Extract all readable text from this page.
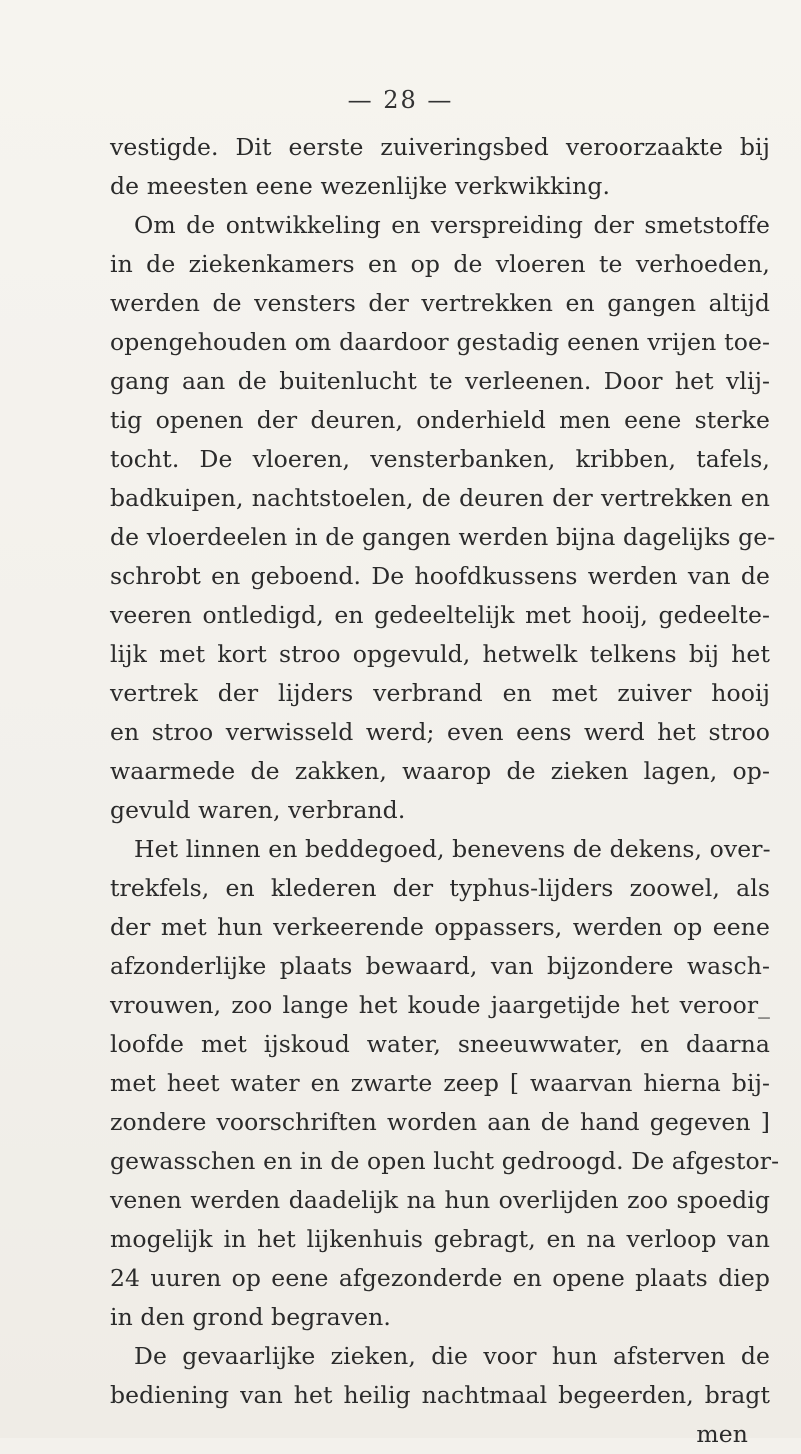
— 28 —
vestigde. Dit eerste zuiveringsbed veroorzaakte bij
de meesten eene wezenlijke verkwikking.
Om de ontwikkeling en verspreiding der smetstoffe
in de ziekenkamers en op de vloeren te verhoeden,
werden de vensters der vertrekken en gangen altijd
opengehouden om daardoor gestadig eenen vrijen toe-
gang aan de buitenlucht te verleenen. Door het vlij-
tig openen der deuren, onderhield men eene sterke
tocht. De vloeren, vensterbanken, kribben, tafels,
badkuipen, nachtstoelen, de deuren der vertrekken en
de vloerdeelen in de gangen werden bijna dagelijks ge-
schrobt en geboend. De hoofdkussens werden van de
veeren ontledigd, en gedeeltelijk met hooij, gedeelte-
lijk met kort stroo opgevuld, hetwelk telkens bij het
vertrek der lijders verbrand en met zuiver hooij
en stroo verwisseld werd; even eens werd het stroo
waarmede de zakken, waarop de zieken lagen, op-
gevuld waren, verbrand.
Het linnen en beddegoed, benevens de dekens, over-
trekfels, en klederen der typhus-lijders zoowel, als
der met hun verkeerende oppassers, werden op eene
afzonderlijke plaats bewaard, van bijzondere wasch-
vrouwen, zoo lange het koude jaargetijde het veroor_
loofde met ijskoud water, sneeuwwater, en daarna
met heet water en zwarte zeep [ waarvan hierna bij-
zondere voorschriften worden aan de hand gegeven ]
gewasschen en in de open lucht gedroogd. De afgestor-
venen werden daadelijk na hun overlijden zoo spoedig
mogelijk in het lijkenhuis gebragt, en na verloop van
24 uuren op eene afgezonderde en opene plaats diep
in den grond begraven.
De gevaarlijke zieken, die voor hun afsterven de
bediening van het heilig nachtmaal begeerden, bragt
men
